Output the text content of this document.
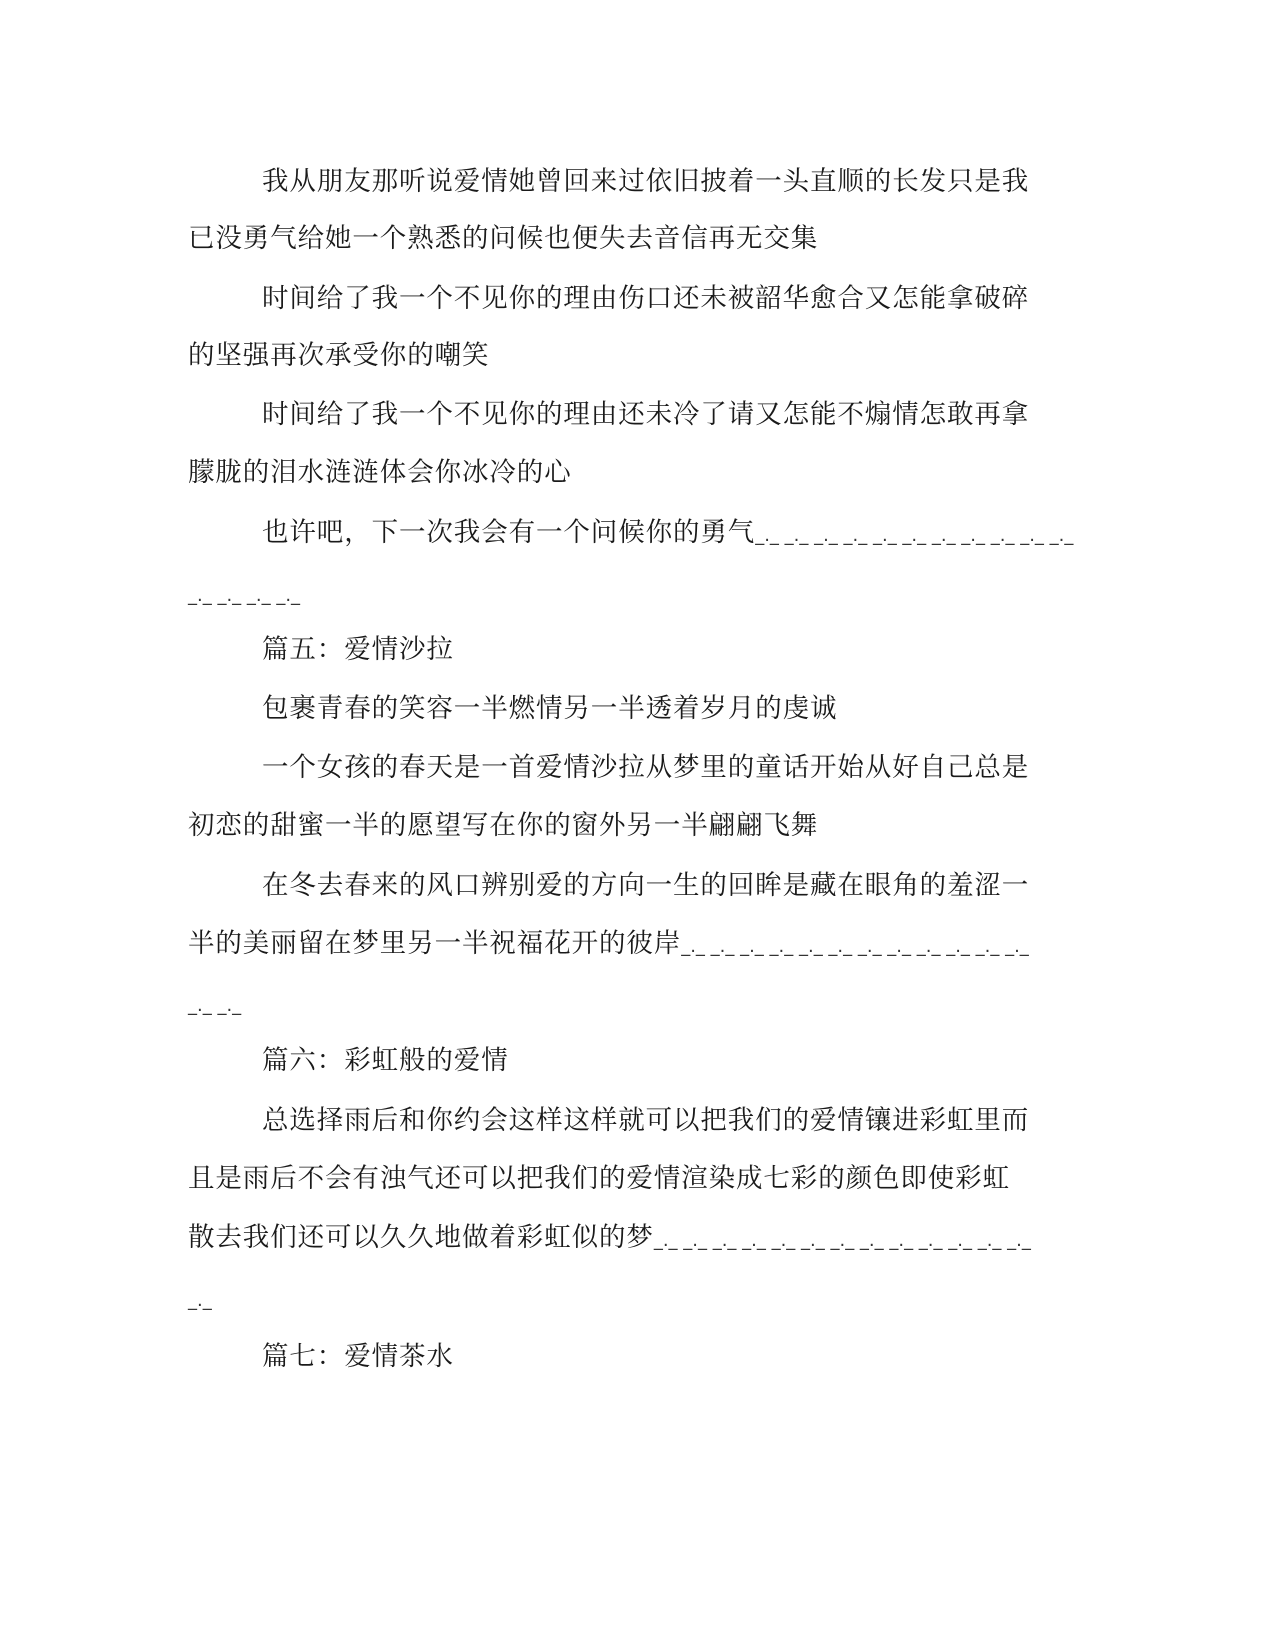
我从朋友那听说爱情她曾回来过依旧披着一头直顺的长发只是我
已没勇气给她一个熟悉的问候也便失去音信再无交集
时间给了我一个不见你的理由伤口还未被韶华愈合又怎能拿破碎
的坚强再次承受你的嘲笑
时间给了我一个不见你的理由还未冷了请又怎能不煽情怎敢再拿
朦胧的泪水涟涟体会你冰冷的心
也许吧，下一次我会有一个问候你的勇气_._ _._ _._ _._ _._ _._ _._ _._ _._ _._ _._
_._ _._ _._ _._
篇五：爱情沙拉
包裹青春的笑容一半燃情另一半透着岁月的虔诚
一个女孩的春天是一首爱情沙拉从梦里的童话开始从好自己总是
初恋的甜蜜一半的愿望写在你的窗外另一半翩翩飞舞
在冬去春来的风口辨别爱的方向一生的回眸是藏在眼角的羞涩一
半的美丽留在梦里另一半祝福花开的彼岸_._ _._ _._ _._ _._ _._ _._ _._ _._ _._ _._ _._
_._ _._
篇六：彩虹般的爱情
总选择雨后和你约会这样这样就可以把我们的爱情镶进彩虹里而
且是雨后不会有浊气还可以把我们的爱情渲染成七彩的颜色即使彩虹
散去我们还可以久久地做着彩虹似的梦_._ _._ _._ _._ _._ _._ _._ _._ _._ _._ _._ _._ _._
_._
篇七：爱情茶水
